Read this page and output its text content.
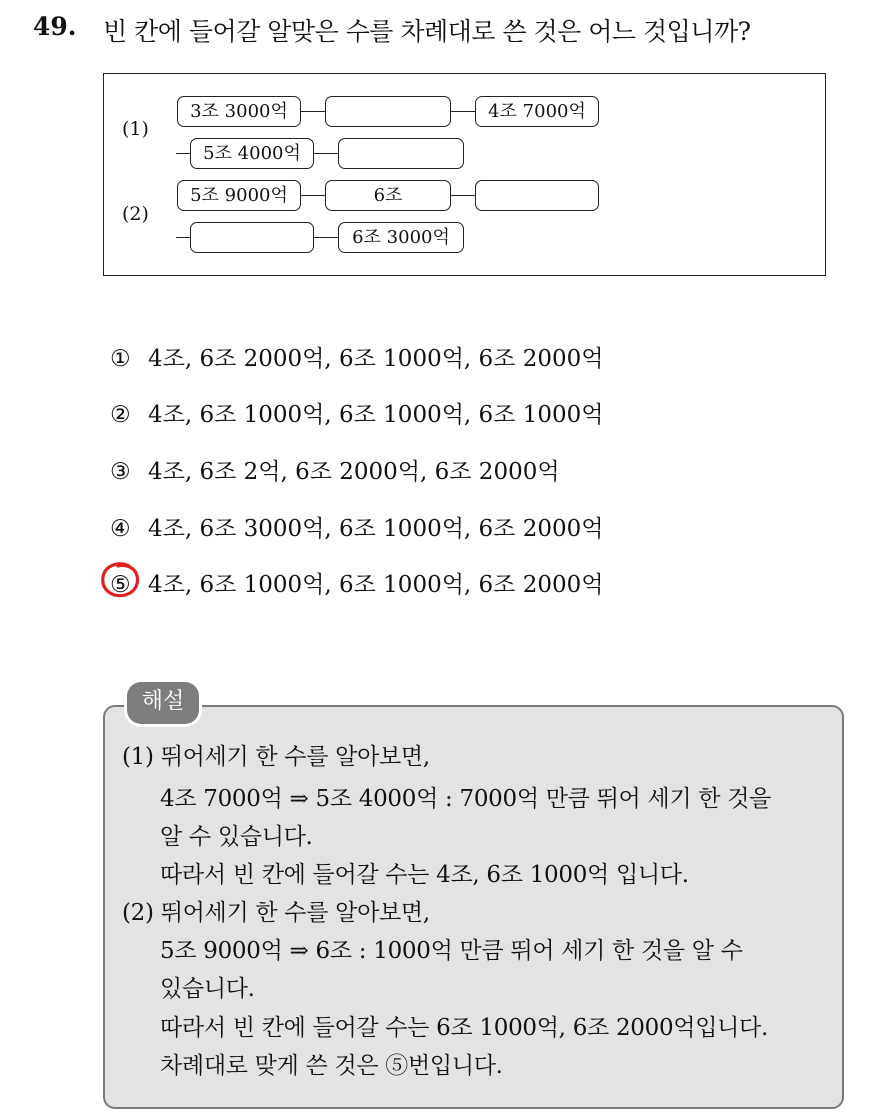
49. 빈 칸에 들어갈 알맞은 수를 차례대로 쓴 것은 어느 것입니까?
(1)
3조 3000억	4조 7000억
5조 4000억
(2)
5조 9000억	6조
6조 3000억
① 4조, 6조 2000억, 6조 1000억, 6조 2000억
② 4조, 6조 1000억, 6조 1000억, 6조 1000억
③ 4조, 6조 2억, 6조 2000억, 6조 2000억
④ 4조, 6조 3000억, 6조 1000억, 6조 2000억
⑤ 4조, 6조 1000억, 6조 1000억, 6조 2000억
해설
(1) 뛰어세기 한 수를 알아보면,
4조 7000억 ⇒ 5조 4000억 : 7000억 만큼 뛰어 세기 한 것을
알 수 있습니다.
따라서 빈 칸에 들어갈 수는 4조, 6조 1000억 입니다.
(2) 뛰어세기 한 수를 알아보면,
5조 9000억 ⇒ 6조 : 1000억 만큼 뛰어 세기 한 것을 알 수
있습니다.
따라서 빈 칸에 들어갈 수는 6조 1000억, 6조 2000억입니다.
차례대로 맞게 쓴 것은 ⑤번입니다.
